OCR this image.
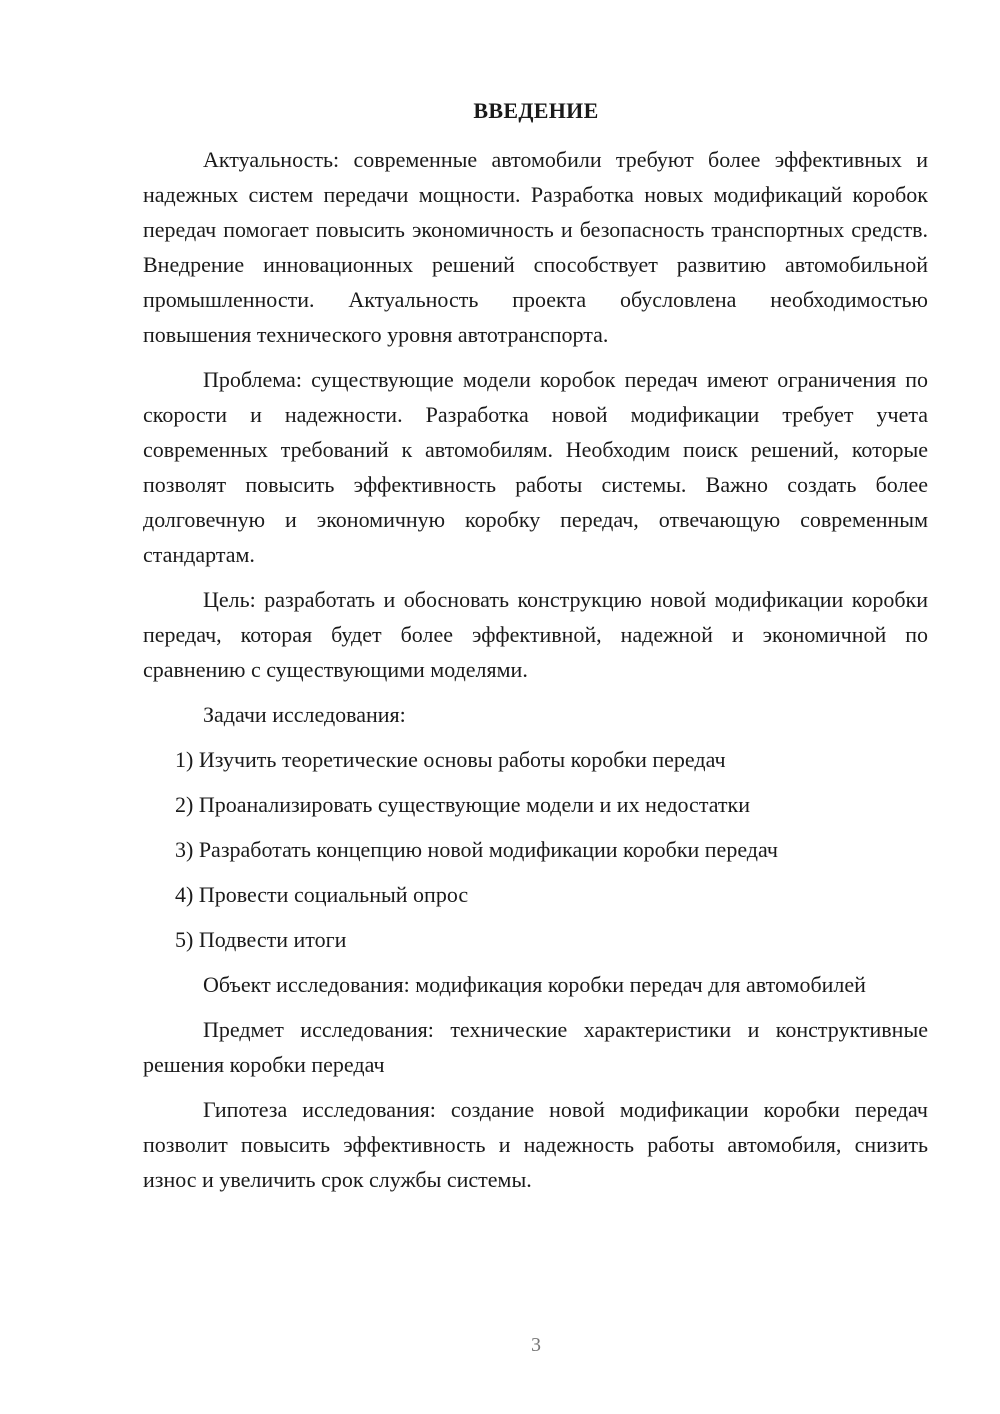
ВВЕДЕНИЕ

Актуальность: современные автомобили требуют более эффективных и надежных систем передачи мощности. Разработка новых модификаций коробок передач помогает повысить экономичность и безопасность транспортных средств. Внедрение инновационных решений способствует развитию автомобильной промышленности. Актуальность проекта обусловлена необходимостью повышения технического уровня автотранспорта.

Проблема: существующие модели коробок передач имеют ограничения по скорости и надежности. Разработка новой модификации требует учета современных требований к автомобилям. Необходим поиск решений, которые позволят повысить эффективность работы системы. Важно создать более долговечную и экономичную коробку передач, отвечающую современным стандартам.

Цель: разработать и обосновать конструкцию новой модификации коробки передач, которая будет более эффективной, надежной и экономичной по сравнению с существующими моделями.

Задачи исследования:

1) Изучить теоретические основы работы коробки передач

2) Проанализировать существующие модели и их недостатки

3) Разработать концепцию новой модификации коробки передач

4) Провести социальный опрос

5) Подвести итоги

Объект исследования: модификация коробки передач для автомобилей

Предмет исследования: технические характеристики и конструктивные решения коробки передач

Гипотеза исследования: создание новой модификации коробки передач позволит повысить эффективность и надежность работы автомобиля, снизить износ и увеличить срок службы системы.

3
